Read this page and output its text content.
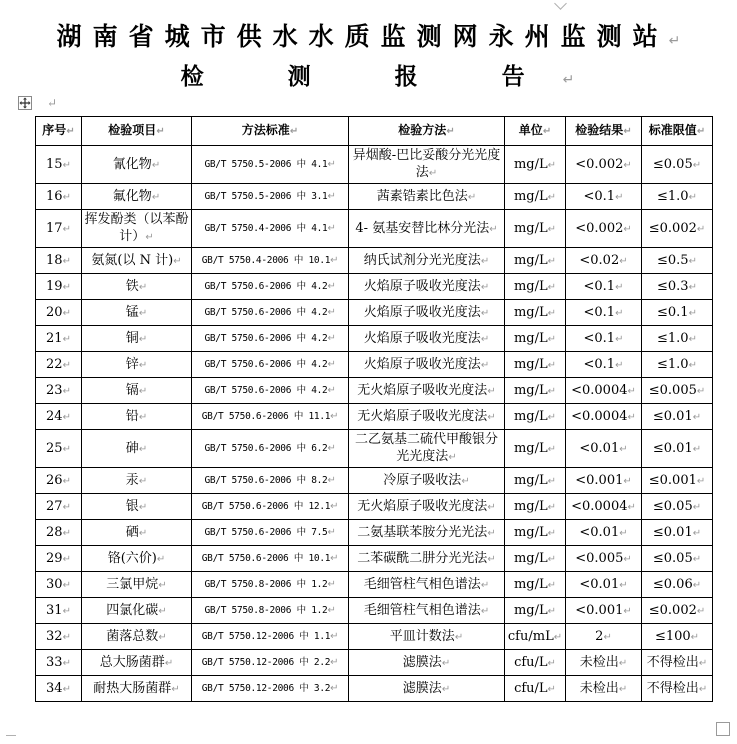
湖南省城市供水水质监测网永州监测站↵
检 测 报 告↵
↵
序号↵	检验项目↵	方法标准↵	检验方法↵	单位↵	检验结果↵	标准限值↵
15↵	氰化物↵	GB/T 5750.5-2006 中 4.1↵	异烟酸-巴比妥酸分光光度法↵	mg/L↵	<0.002↵	≤0.05↵
16↵	氟化物↵	GB/T 5750.5-2006 中 3.1↵	茜素锆素比色法↵	mg/L↵	<0.1↵	≤1.0↵
17↵	挥发酚类（以苯酚计）↵	GB/T 5750.4-2006 中 4.1↵	4- 氨基安替比林分光法↵	mg/L↵	<0.002↵	≤0.002↵
18↵	氨氮(以 N 计)↵	GB/T 5750.4-2006 中 10.1↵	纳氏试剂分光光度法↵	mg/L↵	<0.02↵	≤0.5↵
19↵	铁↵	GB/T 5750.6-2006 中 4.2↵	火焰原子吸收光度法↵	mg/L↵	<0.1↵	≤0.3↵
20↵	锰↵	GB/T 5750.6-2006 中 4.2↵	火焰原子吸收光度法↵	mg/L↵	<0.1↵	≤0.1↵
21↵	铜↵	GB/T 5750.6-2006 中 4.2↵	火焰原子吸收光度法↵	mg/L↵	<0.1↵	≤1.0↵
22↵	锌↵	GB/T 5750.6-2006 中 4.2↵	火焰原子吸收光度法↵	mg/L↵	<0.1↵	≤1.0↵
23↵	镉↵	GB/T 5750.6-2006 中 4.2↵	无火焰原子吸收光度法↵	mg/L↵	<0.0004↵	≤0.005↵
24↵	铅↵	GB/T 5750.6-2006 中 11.1↵	无火焰原子吸收光度法↵	mg/L↵	<0.0004↵	≤0.01↵
25↵	砷↵	GB/T 5750.6-2006 中 6.2↵	二乙氨基二硫代甲酸银分光光度法↵	mg/L↵	<0.01↵	≤0.01↵
26↵	汞↵	GB/T 5750.6-2006 中 8.2↵	冷原子吸收法↵	mg/L↵	<0.001↵	≤0.001↵
27↵	银↵	GB/T 5750.6-2006 中 12.1↵	无火焰原子吸收光度法↵	mg/L↵	<0.0004↵	≤0.05↵
28↵	硒↵	GB/T 5750.6-2006 中 7.5↵	二氨基联苯胺分光光法↵	mg/L↵	<0.01↵	≤0.01↵
29↵	铬(六价)↵	GB/T 5750.6-2006 中 10.1↵	二苯碳酰二肼分光光法↵	mg/L↵	<0.005↵	≤0.05↵
30↵	三氯甲烷↵	GB/T 5750.8-2006 中 1.2↵	毛细管柱气相色谱法↵	mg/L↵	<0.01↵	≤0.06↵
31↵	四氯化碳↵	GB/T 5750.8-2006 中 1.2↵	毛细管柱气相色谱法↵	mg/L↵	<0.001↵	≤0.002↵
32↵	菌落总数↵	GB/T 5750.12-2006 中 1.1↵	平皿计数法↵	cfu/mL↵	2↵	≤100↵
33↵	总大肠菌群↵	GB/T 5750.12-2006 中 2.2↵	滤膜法↵	cfu/L↵	未检出↵	不得检出↵
34↵	耐热大肠菌群↵	GB/T 5750.12-2006 中 3.2↵	滤膜法↵	cfu/L↵	未检出↵	不得检出↵
